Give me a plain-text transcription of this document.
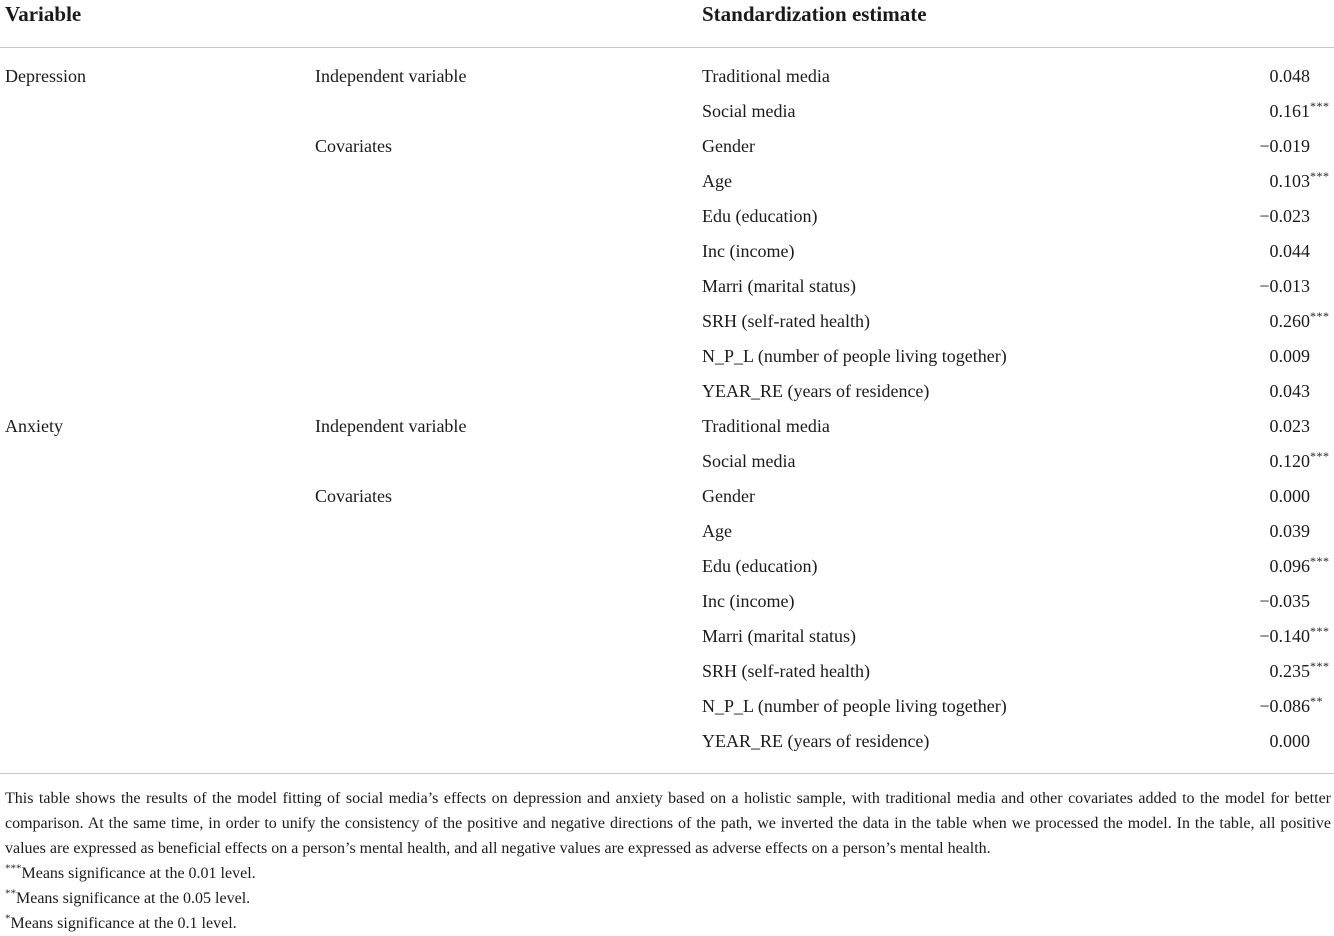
Variable	Standardization estimate
Depression	Independent variable	Traditional media	0.048
Social media	0.161***
Covariates	Gender	−0.019
Age	0.103***
Edu (education)	−0.023
Inc (income)	0.044
Marri (marital status)	−0.013
SRH (self-rated health)	0.260***
N_P_L (number of people living together)	0.009
YEAR_RE (years of residence)	0.043
Anxiety	Independent variable	Traditional media	0.023
Social media	0.120***
Covariates	Gender	0.000
Age	0.039
Edu (education)	0.096***
Inc (income)	−0.035
Marri (marital status)	−0.140***
SRH (self-rated health)	0.235***
N_P_L (number of people living together)	−0.086**
YEAR_RE (years of residence)	0.000
This table shows the results of the model fitting of social media’s effects on depression and anxiety based on a holistic sample, with traditional media and other covariates added to the model for better comparison. At the same time, in order to unify the consistency of the positive and negative directions of the path, we inverted the data in the table when we processed the model. In the table, all positive values are expressed as beneficial effects on a person’s mental health, and all negative values are expressed as adverse effects on a person’s mental health.
***Means significance at the 0.01 level.
**Means significance at the 0.05 level.
*Means significance at the 0.1 level.
